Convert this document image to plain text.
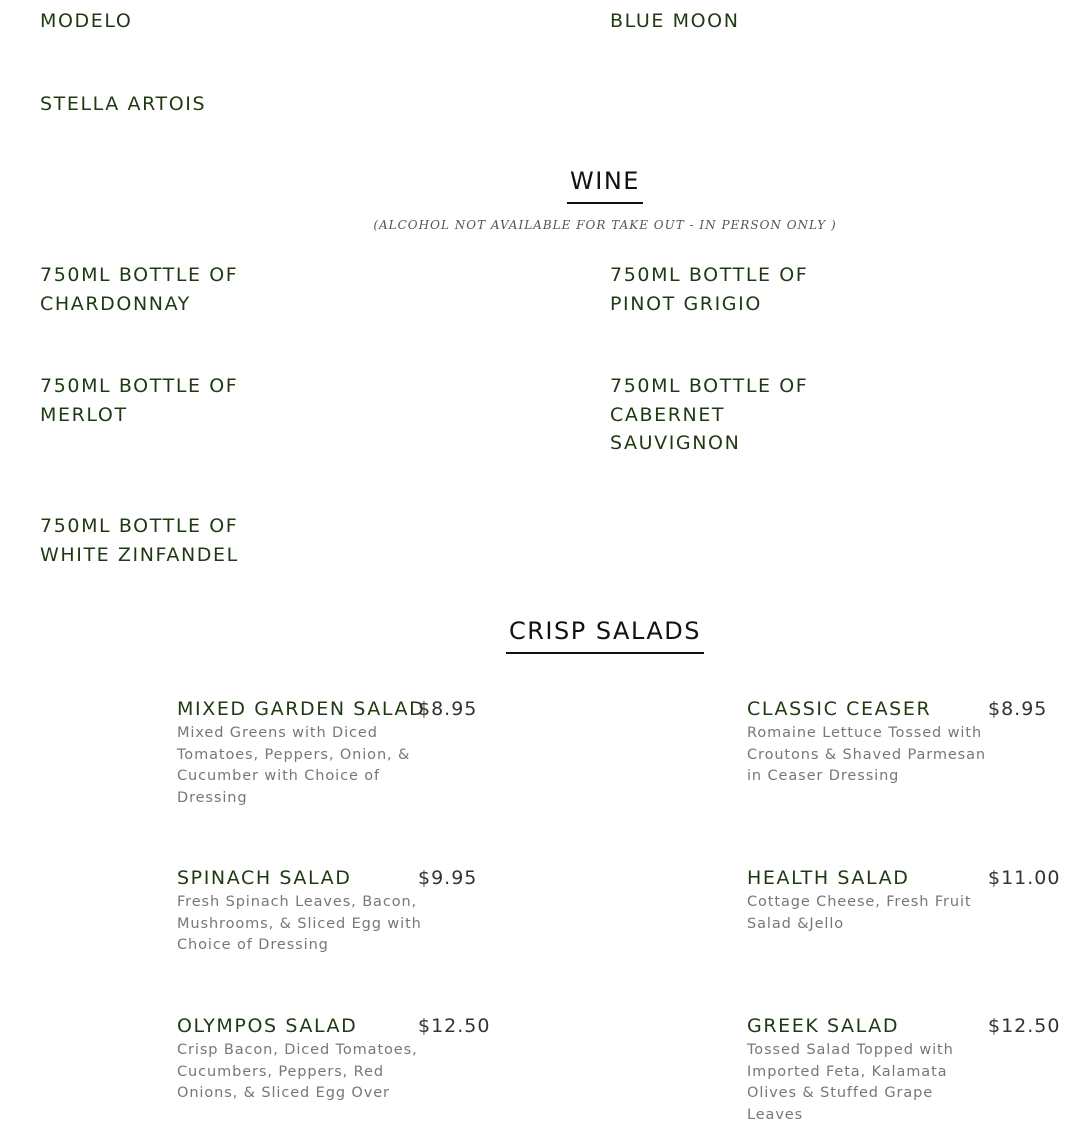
MODELO	BLUE MOON

STELLA ARTOIS

WINE

(ALCOHOL NOT AVAILABLE FOR TAKE OUT - IN PERSON ONLY )

750ML BOTTLE OF
CHARDONNAY
750ML BOTTLE OF
PINOT GRIGIO
750ML BOTTLE OF
MERLOT
750ML BOTTLE OF
CABERNET
SAUVIGNON
750ML BOTTLE OF
WHITE ZINFANDEL
CRISP SALADS

MIXED GARDEN SALAD

$8.95

Mixed Greens with Diced Tomatoes, Peppers, Onion, & Cucumber with Choice of Dressing

CLASSIC CEASER	$8.95

Romaine Lettuce Tossed with Croutons & Shaved Parmesan in Ceaser Dressing

SPINACH SALAD	$9.95

Fresh Spinach Leaves, Bacon, Mushrooms, & Sliced Egg with Choice of Dressing

HEALTH SALAD	$11.00

Cottage Cheese, Fresh Fruit Salad &Jello

OLYMPOS SALAD	$12.50

Crisp Bacon, Diced Tomatoes, Cucumbers, Peppers, Red Onions, & Sliced Egg Over

GREEK SALAD	$12.50

Tossed Salad Topped with Imported Feta, Kalamata Olives & Stuffed Grape Leaves
